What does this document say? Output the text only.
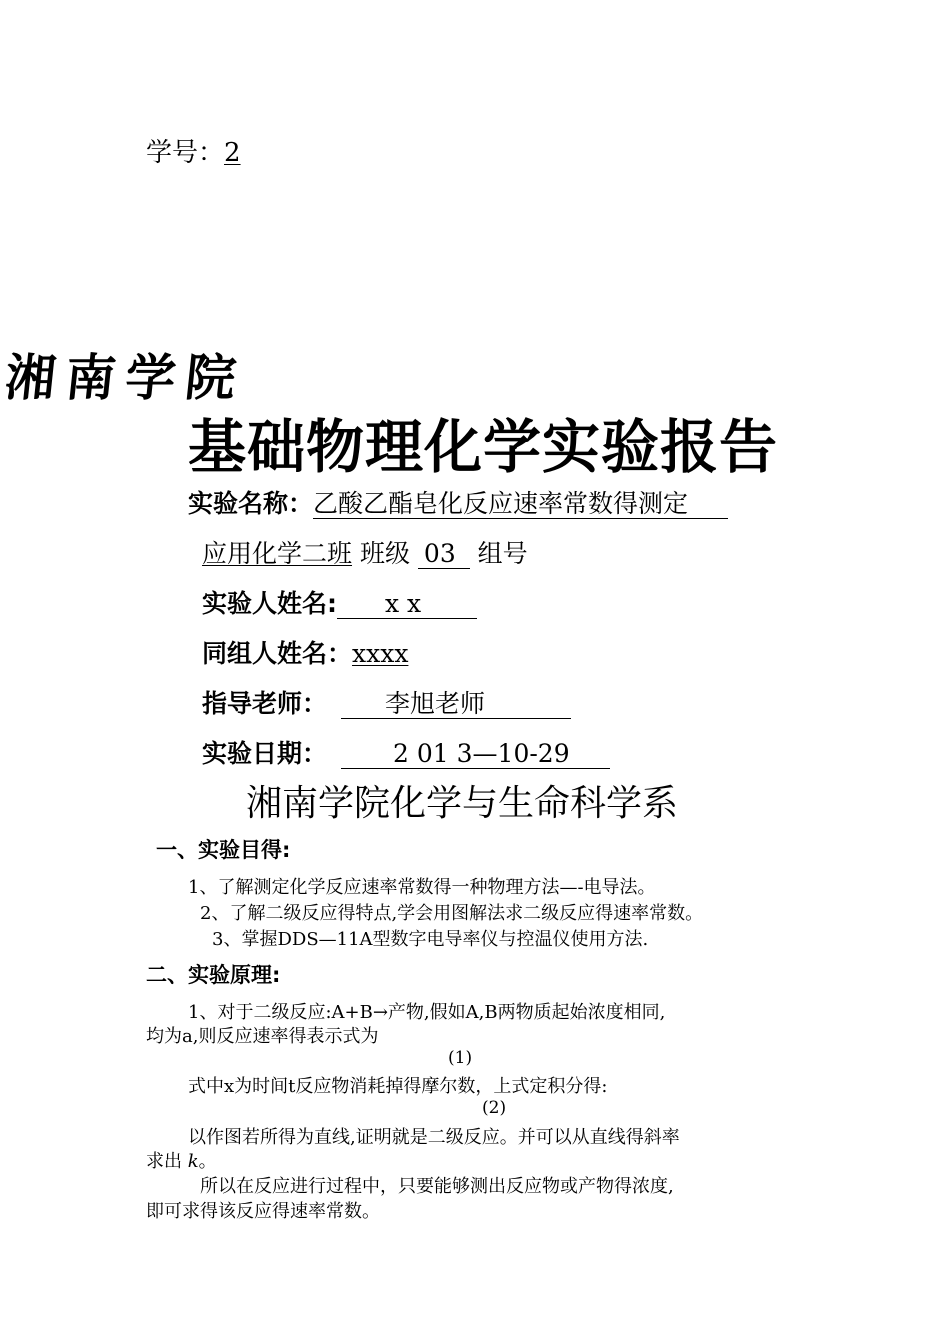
学号：2
湘南学院
基础物理化学实验报告
实验名称：乙酸乙酯皂化反应速率常数得测定
应用化学二班 班级 03 组号
实验人姓名: x x
同组人姓名：xxxx
指导老师： 李旭老师
实验日期：	2 01 3—10-29
湘南学院化学与生命科学系
一、实验目得:
1、了解测定化学反应速率常数得一种物理方法—-电导法。
2、了解二级反应得特点,学会用图解法求二级反应得速率常数。
3、掌握DDS—11A型数字电导率仪与控温仪使用方法.
二、实验原理:
1、对于二级反应:A+B→产物,假如A,B两物质起始浓度相同,
均为a,则反应速率得表示式为
(1)
式中x为时间t反应物消耗掉得摩尔数，上式定积分得:
(2)
以作图若所得为直线,证明就是二级反应。并可以从直线得斜率
求出 k。
所以在反应进行过程中，只要能够测出反应物或产物得浓度,
即可求得该反应得速率常数。
